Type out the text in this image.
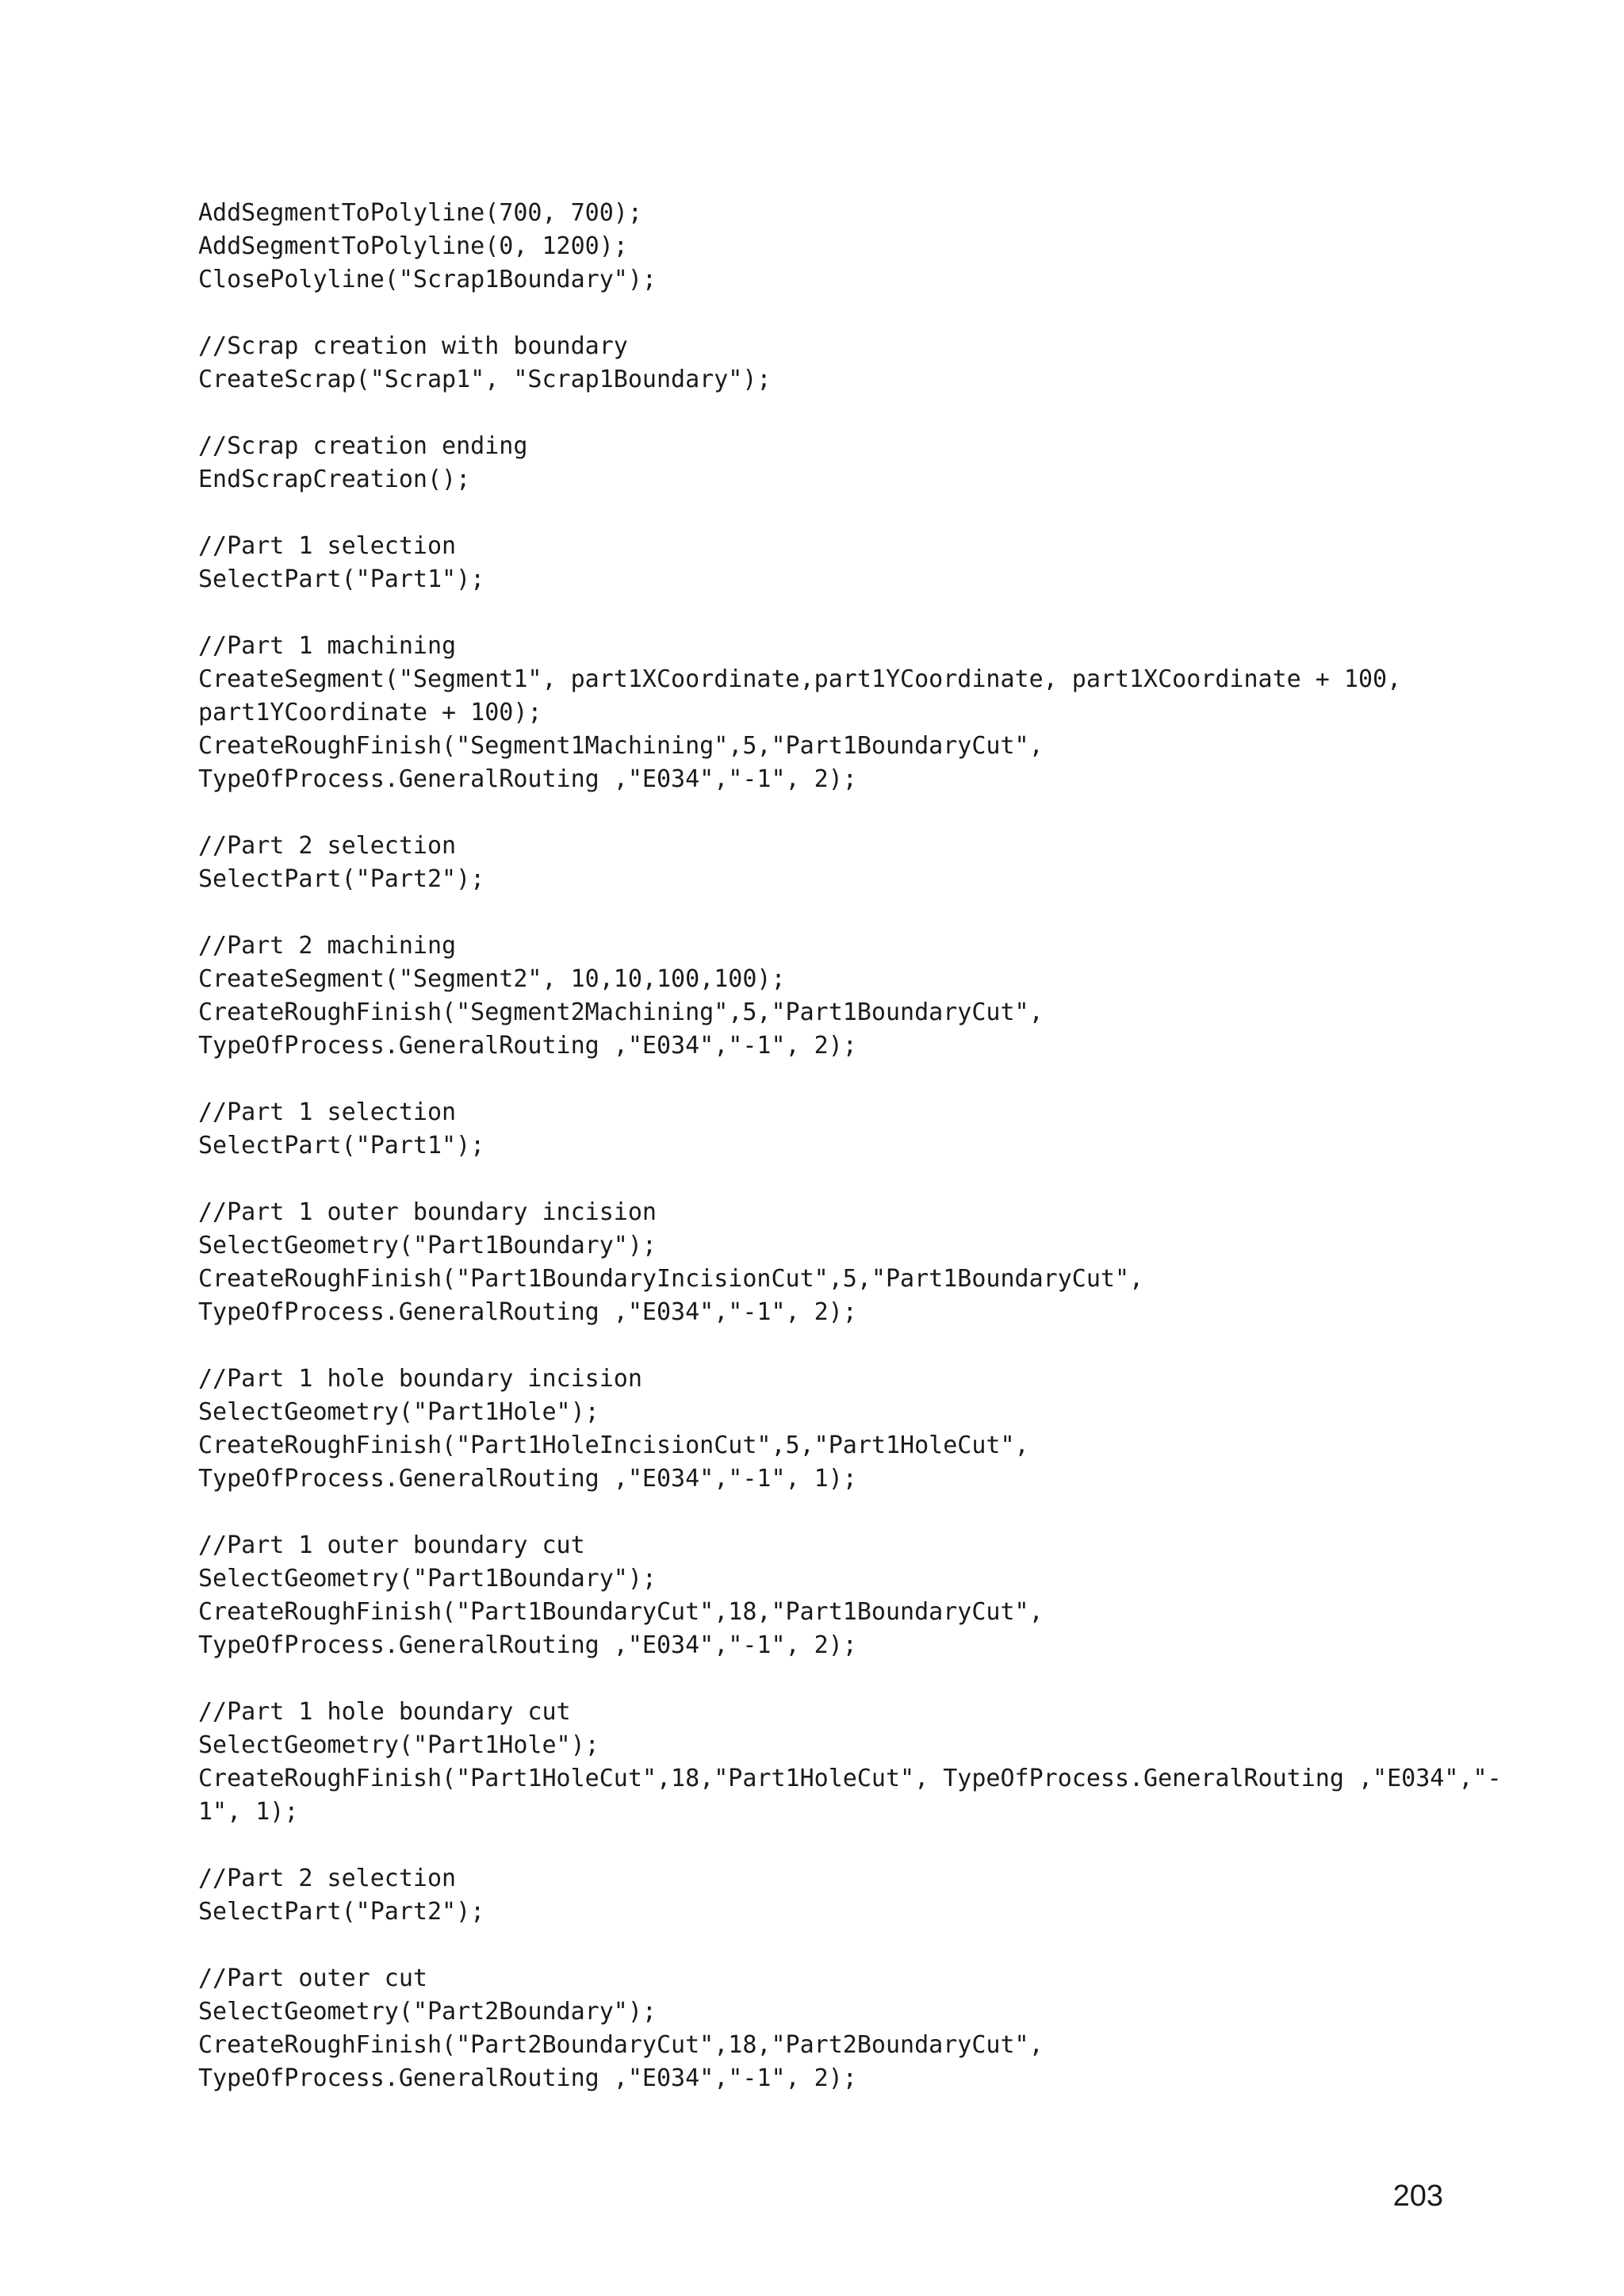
AddSegmentToPolyline(700, 700);
AddSegmentToPolyline(0, 1200);
ClosePolyline("Scrap1Boundary");
//Scrap creation with boundary
CreateScrap("Scrap1", "Scrap1Boundary");
//Scrap creation ending
EndScrapCreation();
//Part 1 selection
SelectPart("Part1");
//Part 1 machining
CreateSegment("Segment1", part1XCoordinate,part1YCoordinate, part1XCoordinate + 100,
part1YCoordinate + 100);
CreateRoughFinish("Segment1Machining",5,"Part1BoundaryCut",
TypeOfProcess.GeneralRouting ,"E034","-1", 2);
//Part 2 selection
SelectPart("Part2");
//Part 2 machining
CreateSegment("Segment2", 10,10,100,100);
CreateRoughFinish("Segment2Machining",5,"Part1BoundaryCut",
TypeOfProcess.GeneralRouting ,"E034","-1", 2);
//Part 1 selection
SelectPart("Part1");
//Part 1 outer boundary incision
SelectGeometry("Part1Boundary");
CreateRoughFinish("Part1BoundaryIncisionCut",5,"Part1BoundaryCut",
TypeOfProcess.GeneralRouting ,"E034","-1", 2);
//Part 1 hole boundary incision
SelectGeometry("Part1Hole");
CreateRoughFinish("Part1HoleIncisionCut",5,"Part1HoleCut",
TypeOfProcess.GeneralRouting ,"E034","-1", 1);
//Part 1 outer boundary cut
SelectGeometry("Part1Boundary");
CreateRoughFinish("Part1BoundaryCut",18,"Part1BoundaryCut",
TypeOfProcess.GeneralRouting ,"E034","-1", 2);
//Part 1 hole boundary cut
SelectGeometry("Part1Hole");
CreateRoughFinish("Part1HoleCut",18,"Part1HoleCut", TypeOfProcess.GeneralRouting ,"E034","-
1", 1);
//Part 2 selection
SelectPart("Part2");
//Part outer cut
SelectGeometry("Part2Boundary");
CreateRoughFinish("Part2BoundaryCut",18,"Part2BoundaryCut",
TypeOfProcess.GeneralRouting ,"E034","-1", 2);
203
